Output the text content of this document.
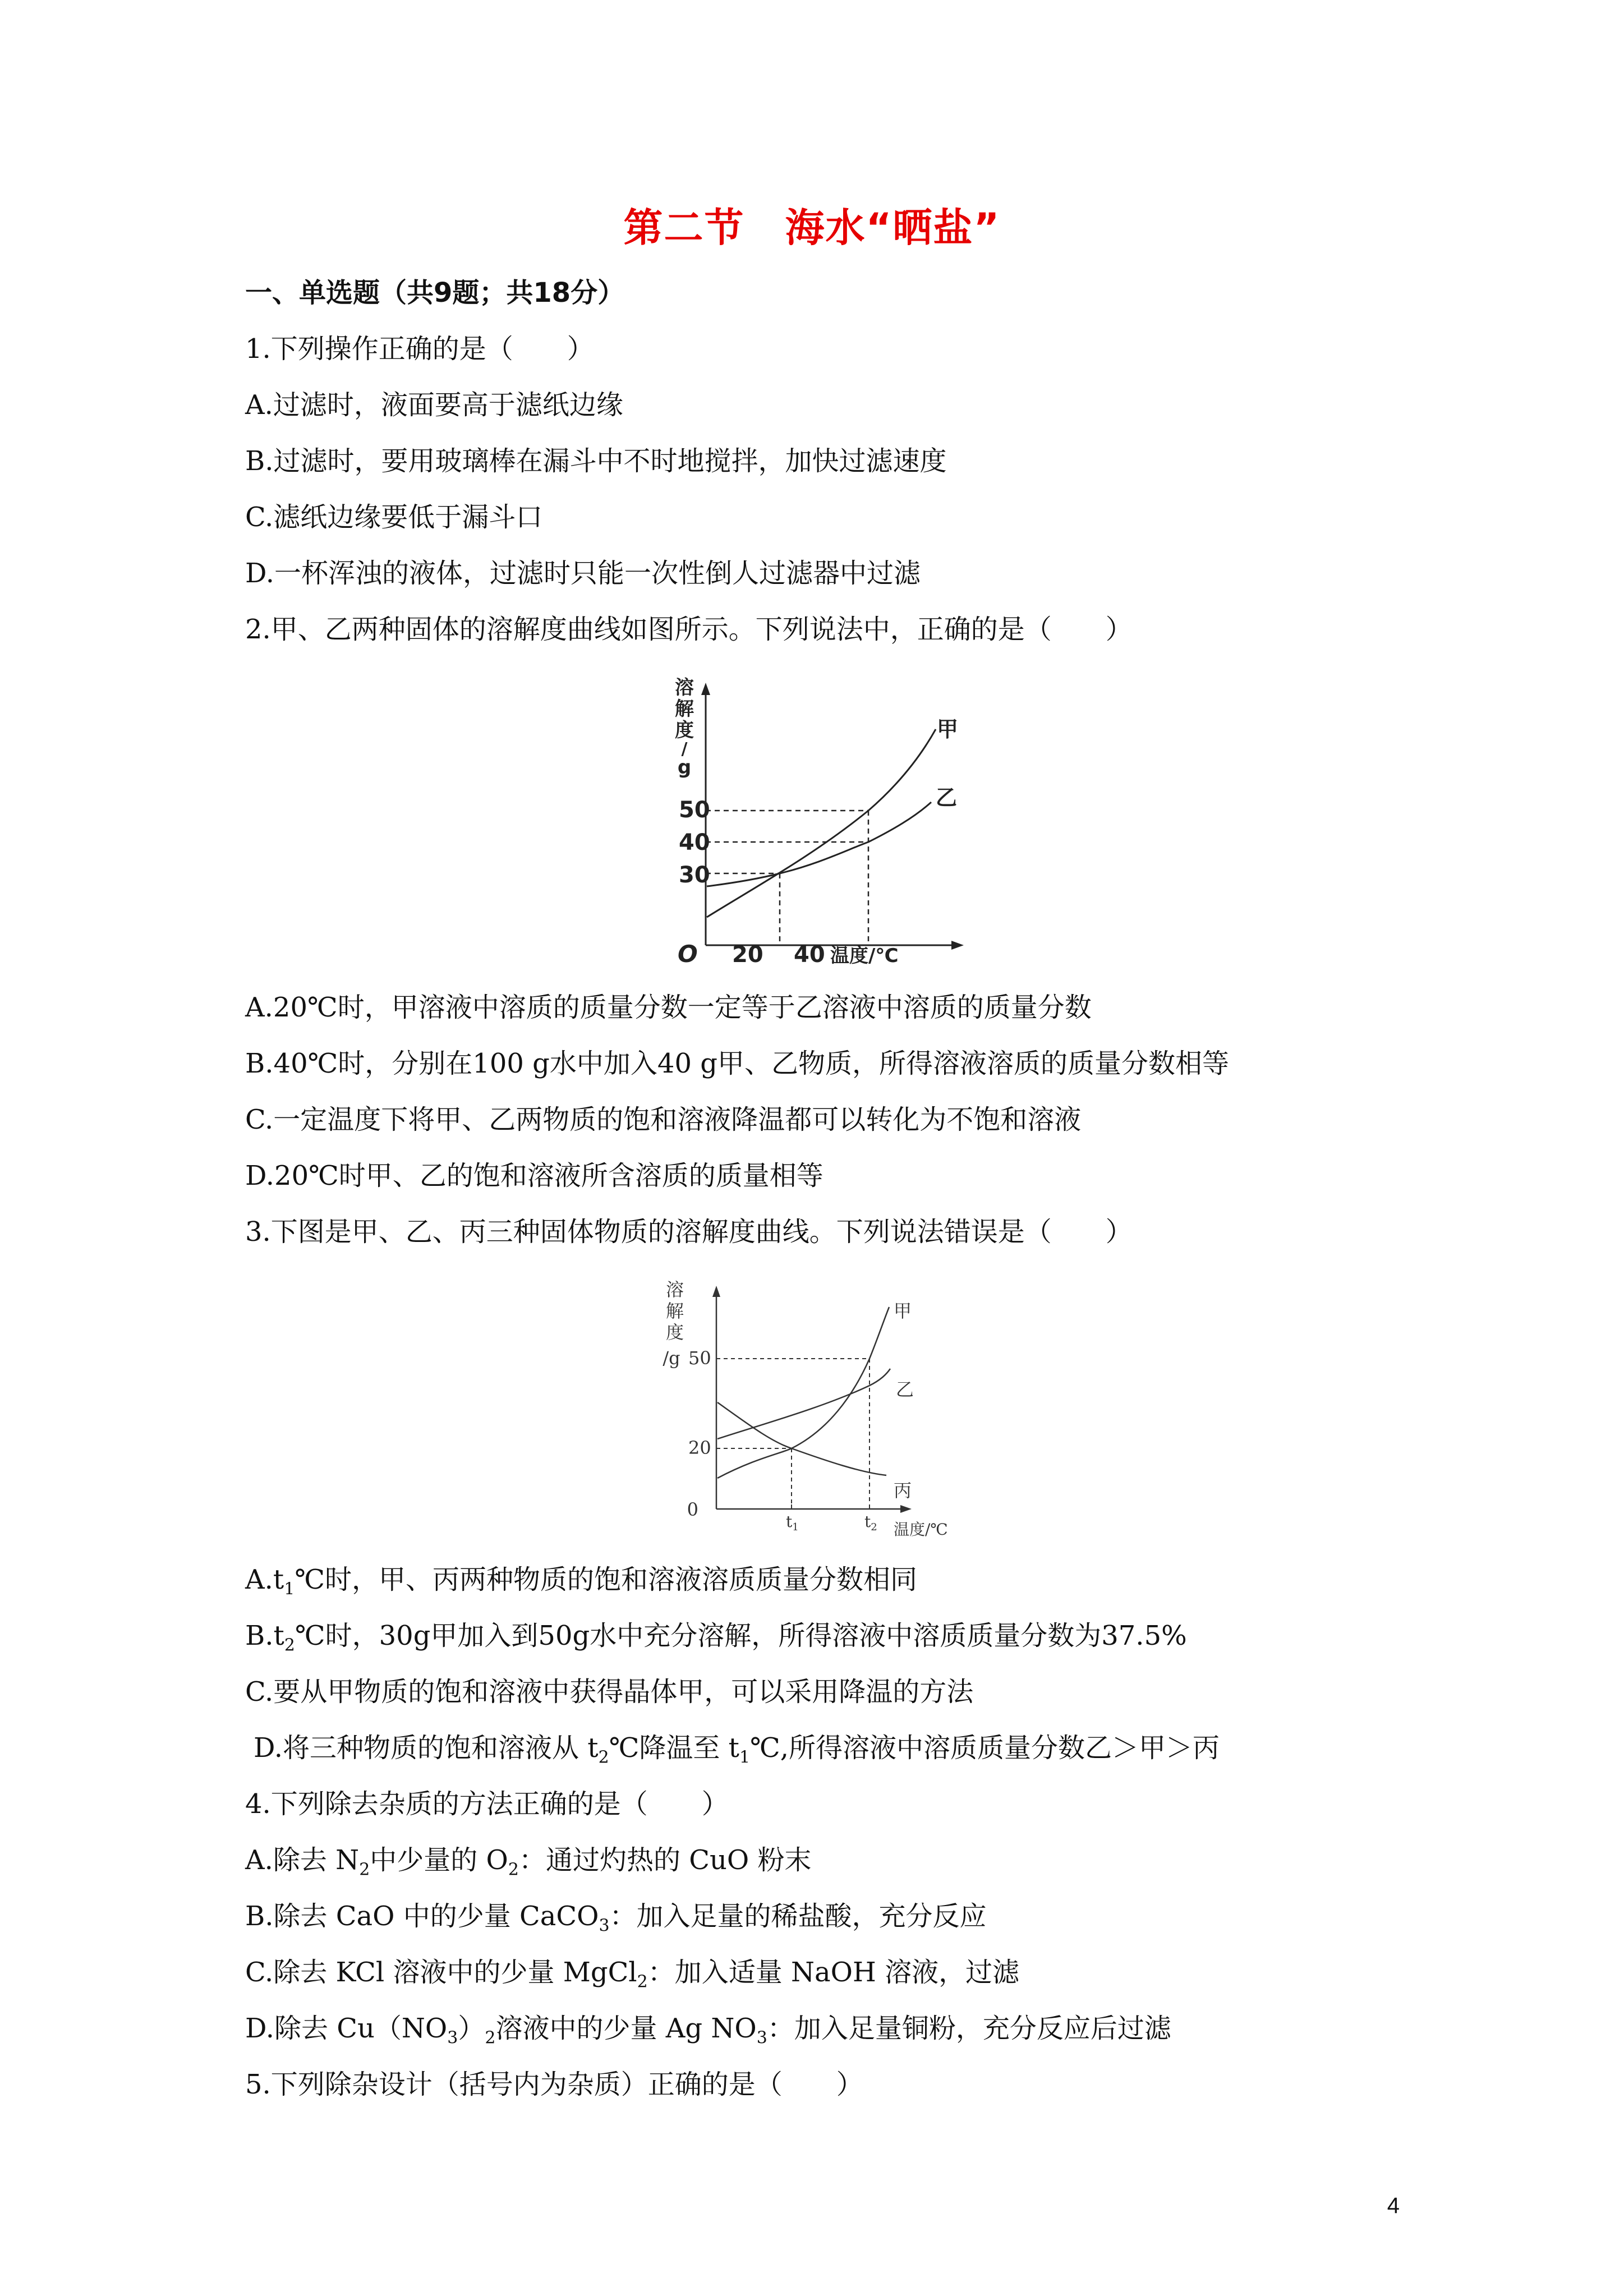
第二节　海水“晒盐”
一、单选题（共9题；共18分）
1.下列操作正确的是（　　）
A.过滤时，液面要高于滤纸边缘
B.过滤时，要用玻璃棒在漏斗中不时地搅拌，加快过滤速度
C.滤纸边缘要低于漏斗口
D.一杯浑浊的液体，过滤时只能一次性倒人过滤器中过滤
2.甲、乙两种固体的溶解度曲线如图所示。下列说法中，正确的是（　　）
溶
解
度
/
g
50
40
30
O 20 40 温度/℃
甲
乙
A.20℃时，甲溶液中溶质的质量分数一定等于乙溶液中溶质的质量分数
B.40℃时，分别在100 g水中加入40 g甲、乙物质，所得溶液溶质的质量分数相等
C.一定温度下将甲、乙两物质的饱和溶液降温都可以转化为不饱和溶液
D.20℃时甲、乙的饱和溶液所含溶质的质量相等
3.下图是甲、乙、丙三种固体物质的溶解度曲线。下列说法错误是（　　）
溶
解
度
/g 50
20
0
$t_1$	$t_2$ 温度/℃
甲
乙
丙
$A.t_1℃$时，甲、丙两种物质的饱和溶液溶质质量分数相同
$B.t_2℃$时，30g甲加入到50g水中充分溶解，所得溶液中溶质质量分数为37.5%
C.要从甲物质的饱和溶液中获得晶体甲，可以采用降温的方法
D.将三种物质的饱和溶液从 $t_2℃$降温至 $t_1℃$,所得溶液中溶质质量分数乙＞甲＞丙
4.下列除去杂质的方法正确的是（　　）
A.除去 $N_2$中少量的 $O_2$：通过灼热的 CuO 粉末
B.除去 CaO 中的少量 CaCO$_3$：加入足量的稀盐酸，充分反应
C.除去 KCl 溶液中的少量 MgCl$_2$：加入适量 NaOH 溶液，过滤
D.除去 $Cu(NO_3)_2$溶液中的少量 Ag $NO_3$：加入足量铜粉，充分反应后过滤
5.下列除杂设计（括号内为杂质）正确的是（　　）
4
